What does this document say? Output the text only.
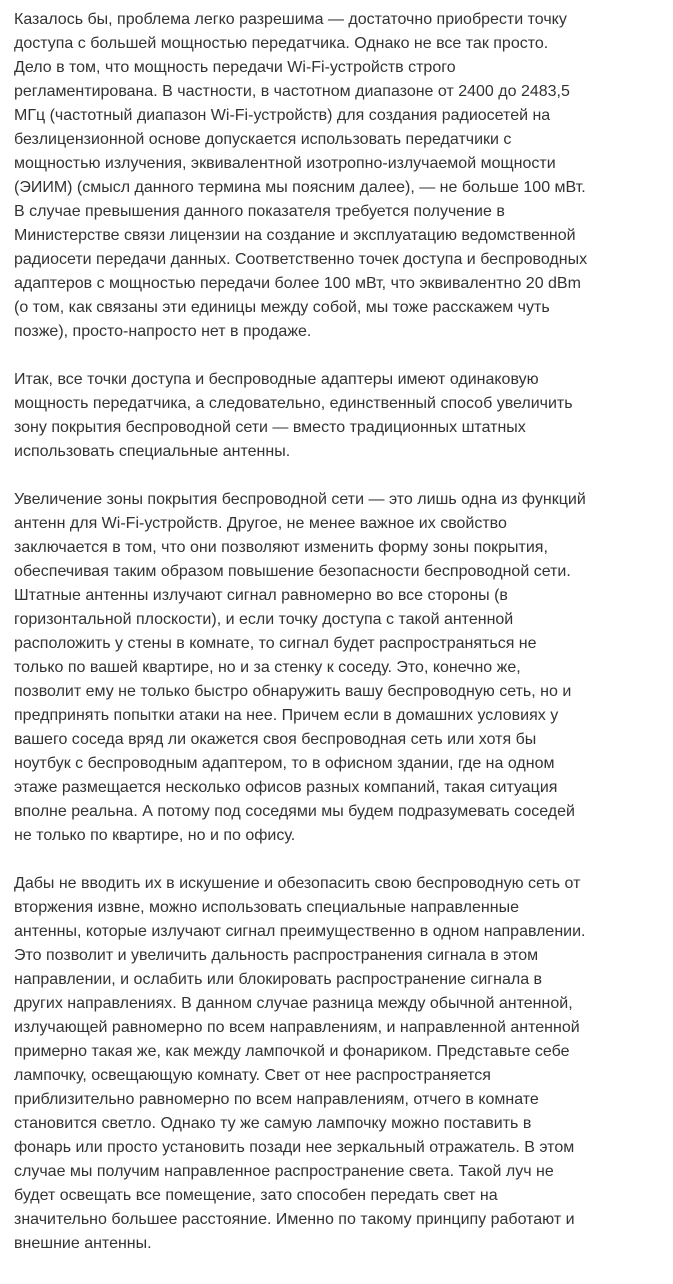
Казалось бы, проблема легко разрешима — достаточно приобрести точку
доступа с большей мощностью передатчика. Однако не все так просто.
Дело в том, что мощность передачи Wi-Fi-устройств строго
регламентирована. В частности, в частотном диапазоне от 2400 до 2483,5
МГц (частотный диапазон Wi-Fi-устройств) для создания радиосетей на
безлицензионной основе допускается использовать передатчики с
мощностью излучения, эквивалентной изотропно-излучаемой мощности
(ЭИИМ) (смысл данного термина мы поясним далее), — не больше 100 мВт.
В случае превышения данного показателя требуется получение в
Министерстве связи лицензии на создание и эксплуатацию ведомственной
радиосети передачи данных. Соответственно точек доступа и беспроводных
адаптеров с мощностью передачи более 100 мВт, что эквивалентно 20 dBm
(о том, как связаны эти единицы между собой, мы тоже расскажем чуть
позже), просто-напросто нет в продаже.

Итак, все точки доступа и беспроводные адаптеры имеют одинаковую
мощность передатчика, а следовательно, единственный способ увеличить
зону покрытия беспроводной сети — вместо традиционных штатных
использовать специальные антенны.

Увеличение зоны покрытия беспроводной сети — это лишь одна из функций
антенн для Wi-Fi-устройств. Другое, не менее важное их свойство
заключается в том, что они позволяют изменить форму зоны покрытия,
обеспечивая таким образом повышение безопасности беспроводной сети.
Штатные антенны излучают сигнал равномерно во все стороны (в
горизонтальной плоскости), и если точку доступа с такой антенной
расположить у стены в комнате, то сигнал будет распространяться не
только по вашей квартире, но и за стенку к соседу. Это, конечно же,
позволит ему не только быстро обнаружить вашу беспроводную сеть, но и
предпринять попытки атаки на нее. Причем если в домашних условиях у
вашего соседа вряд ли окажется своя беспроводная сеть или хотя бы
ноутбук с беспроводным адаптером, то в офисном здании, где на одном
этаже размещается несколько офисов разных компаний, такая ситуация
вполне реальна. А потому под соседями мы будем подразумевать соседей
не только по квартире, но и по офису.

Дабы не вводить их в искушение и обезопасить свою беспроводную сеть от
вторжения извне, можно использовать специальные направленные
антенны, которые излучают сигнал преимущественно в одном направлении.
Это позволит и увеличить дальность распространения сигнала в этом
направлении, и ослабить или блокировать распространение сигнала в
других направлениях. В данном случае разница между обычной антенной,
излучающей равномерно по всем направлениям, и направленной антенной
примерно такая же, как между лампочкой и фонариком. Представьте себе
лампочку, освещающую комнату. Свет от нее распространяется
приблизительно равномерно по всем направлениям, отчего в комнате
становится светло. Однако ту же самую лампочку можно поставить в
фонарь или просто установить позади нее зеркальный отражатель. В этом
случае мы получим направленное распространение света. Такой луч не
будет освещать все помещение, зато способен передать свет на
значительно большее расстояние. Именно по такому принципу работают и
внешние антенны.
